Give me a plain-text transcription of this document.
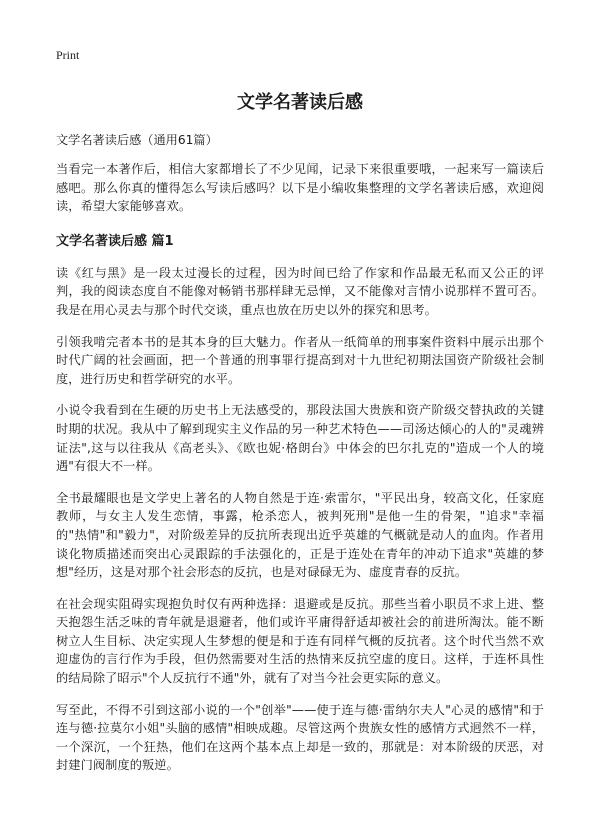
Print
文学名著读后感
文学名著读后感（通用61篇）

当看完一本著作后，相信大家都增长了不少见闻，记录下来很重要哦，一起来写一篇读后感吧。那么你真的懂得怎么写读后感吗？以下是小编收集整理的文学名著读后感，欢迎阅读，希望大家能够喜欢。

文学名著读后感 篇1

读《红与黑》是一段太过漫长的过程，因为时间已给了作家和作品最无私而又公正的评判，我的阅读态度自不能像对畅销书那样肆无忌惮，又不能像对言情小说那样不置可否。我是在用心灵去与那个时代交谈，重点也放在历史以外的探究和思考。

引领我啃完者本书的是其本身的巨大魅力。作者从一纸简单的刑事案件资料中展示出那个时代广阔的社会画面，把一个普通的刑事罪行提高到对十九世纪初期法国资产阶级社会制度，进行历史和哲学研究的水平。

小说令我看到在生硬的历史书上无法感受的，那段法国大贵族和资产阶级交替执政的关键时期的状况。我从中了解到现实主义作品的另一种艺术特色——司汤达倾心的人的"灵魂辨证法",这与以往我从《高老头》、《欧也妮·格朗台》中体会的巴尔扎克的"造成一个人的境遇"有很大不一样。

全书最耀眼也是文学史上著名的人物自然是于连·索雷尔，"平民出身，较高文化，任家庭教师，与女主人发生恋情，事露，枪杀恋人，被判死刑"是他一生的骨架，"追求"幸福的"热情"和"毅力"，对阶级差异的反抗所表现出近乎英雄的气概就是动人的血肉。作者用谈化物质描述而突出心灵跟踪的手法强化的，正是于连处在青年的冲动下追求"英雄的梦想"经历，这是对那个社会形态的反抗，也是对碌碌无为、虚度青春的反抗。

在社会现实阻碍实现抱负时仅有两种选择：退避或是反抗。那些当着小职员不求上进、整天抱怨生活乏味的青年就是退避者，他们或许平庸得舒适却被社会的前进所淘汰。能不断树立人生目标、决定实现人生梦想的便是和于连有同样气概的反抗者。这个时代当然不欢迎虚伪的言行作为手段，但仍然需要对生活的热情来反抗空虚的度日。这样，于连杯具性的结局除了昭示"个人反抗行不通"外，就有了对当今社会更实际的意义。

写至此，不得不引到这部小说的一个"创举"——使于连与德·雷纳尔夫人"心灵的感情"和于连与德·拉莫尔小姐"头脑的感情"相映成趣。尽管这两个贵族女性的感情方式迥然不一样，一个深沉，一个狂热，他们在这两个基本点上却是一致的，那就是：对本阶级的厌恶，对封建门阀制度的叛逆。
